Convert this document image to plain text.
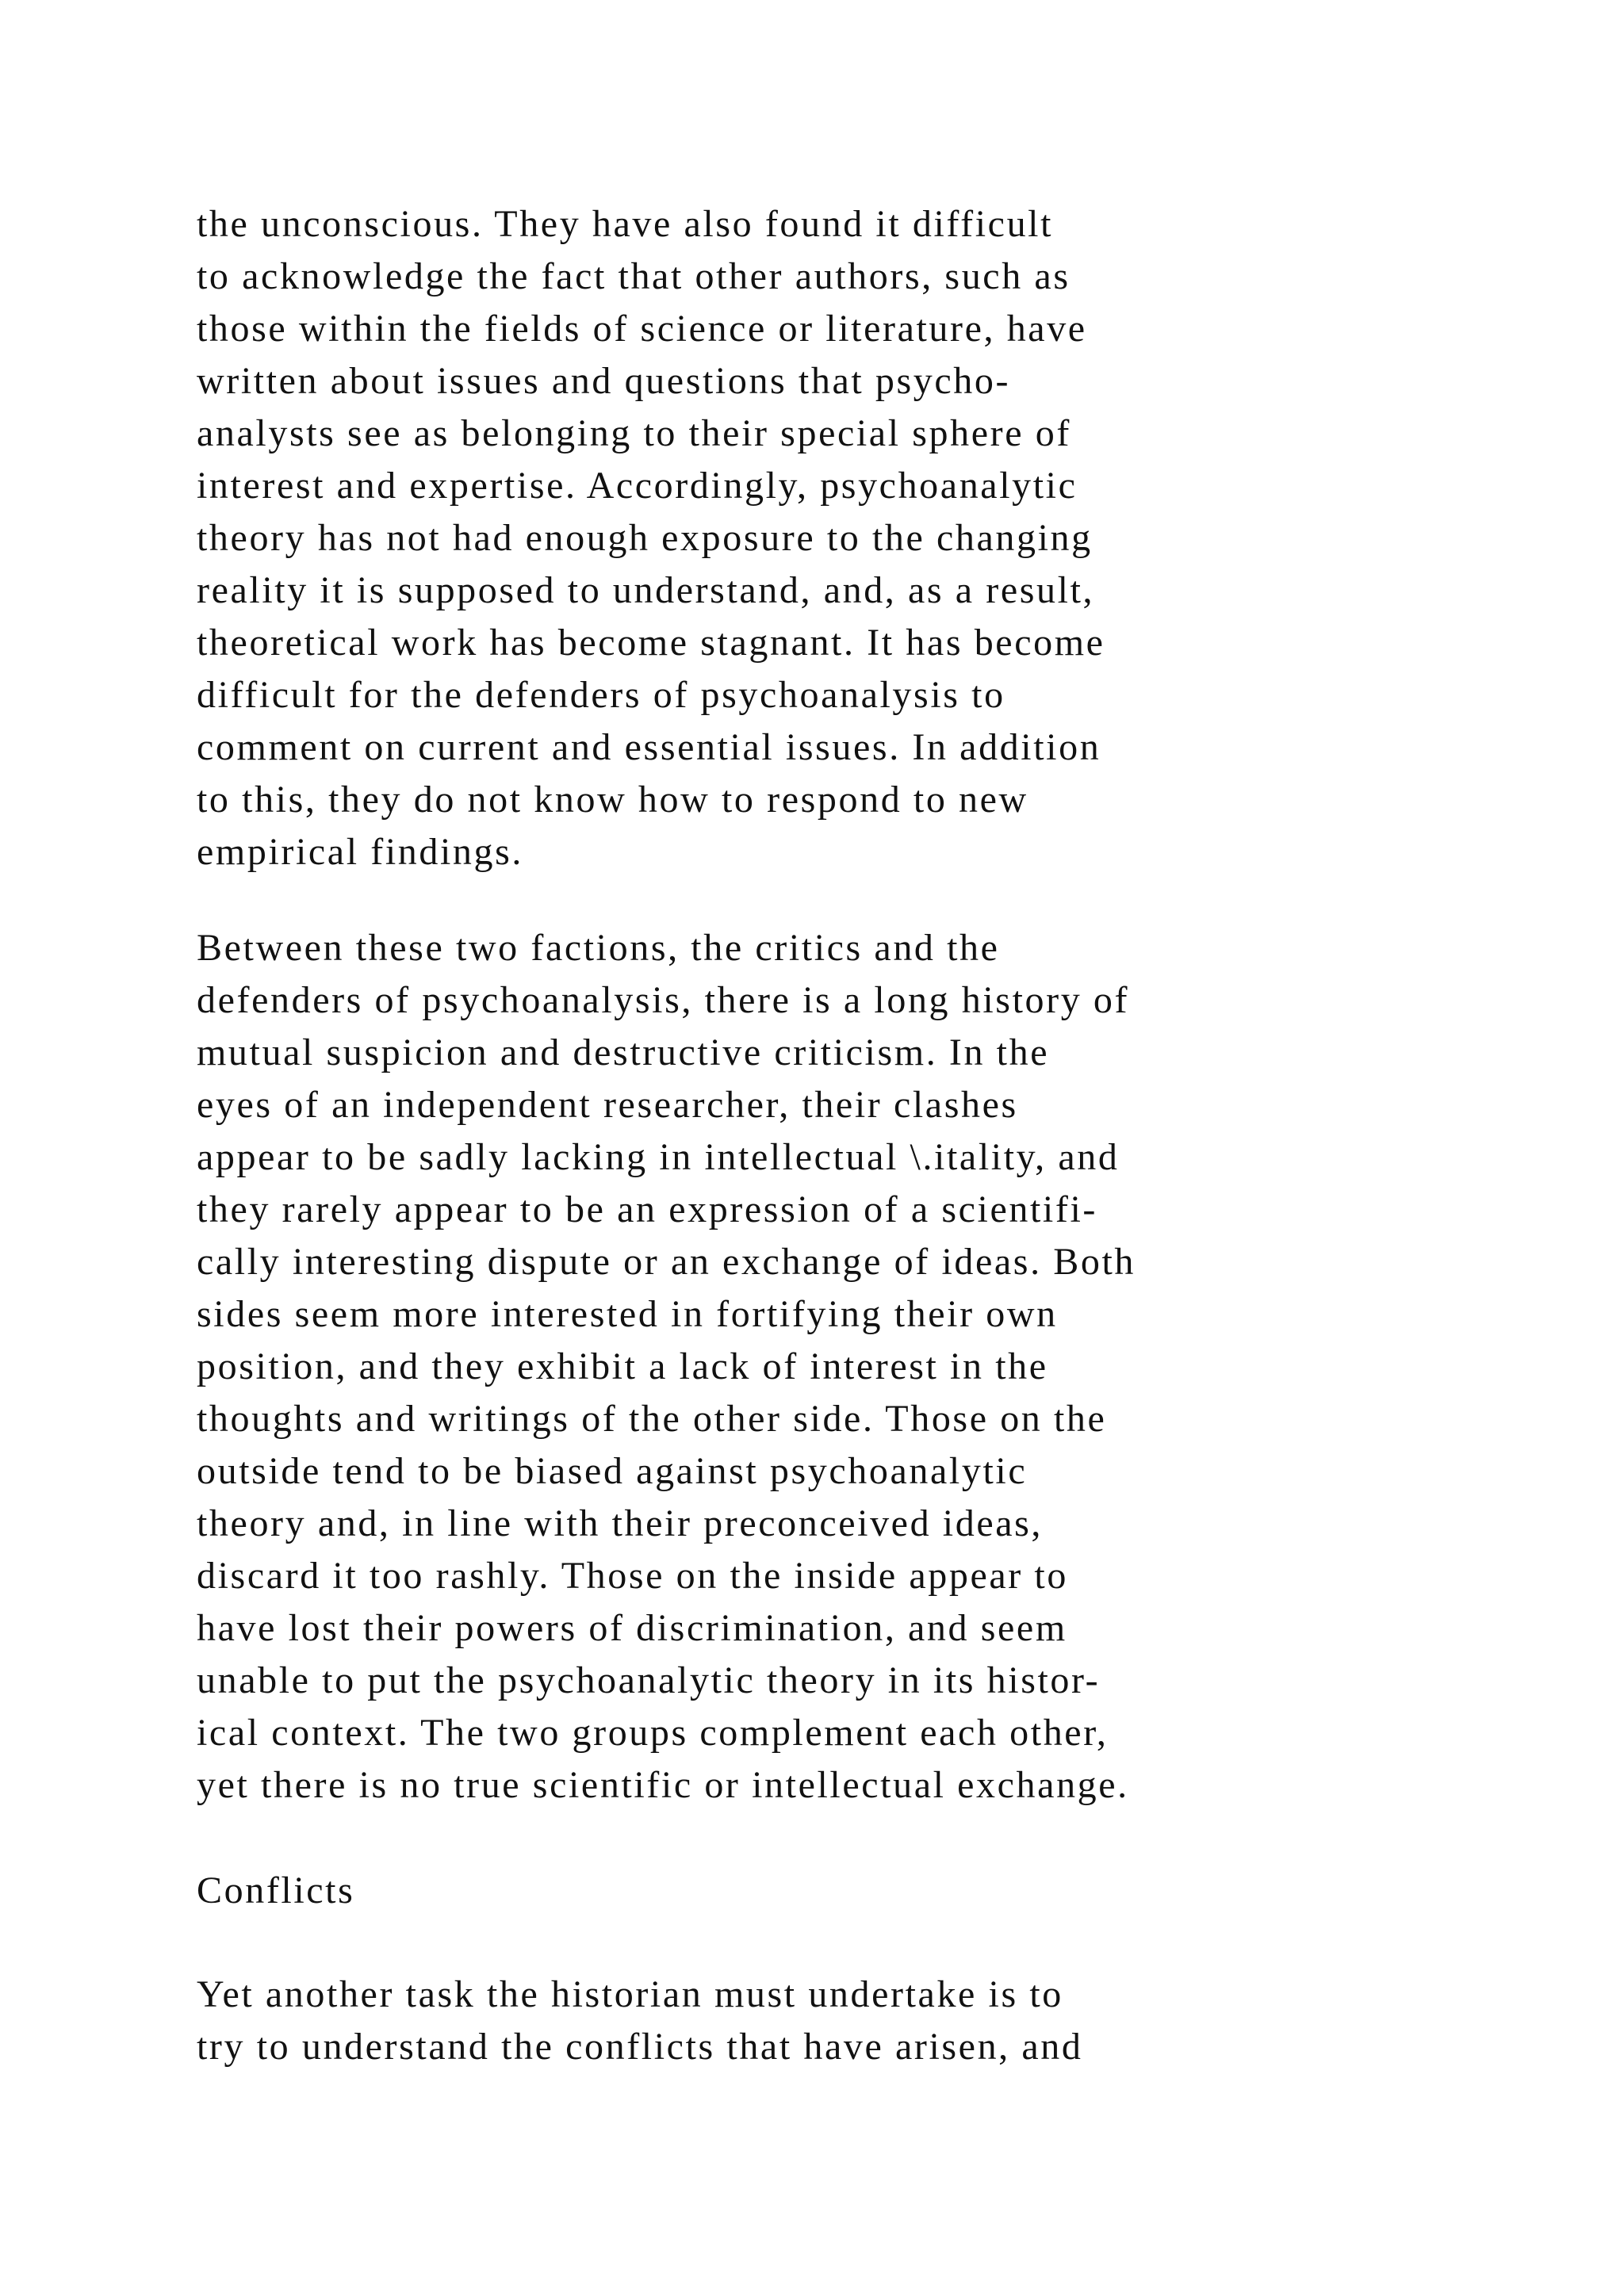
the unconscious. They have also found it difficult
to acknowledge the fact that other authors, such as
those within the fields of science or literature, have
written about issues and questions that psycho-
analysts see as belonging to their special sphere of
interest and expertise. Accordingly, psychoanalytic
theory has not had enough exposure to the changing
reality it is supposed to understand, and, as a result,
theoretical work has become stagnant. It has become
difficult for the defenders of psychoanalysis to
comment on current and essential issues. In addition
to this, they do not know how to respond to new
empirical findings.
Between these two factions, the critics and the
defenders of psychoanalysis, there is a long history of
mutual suspicion and destructive criticism. In the
eyes of an independent researcher, their clashes
appear to be sadly lacking in intellectual \.itality, and
they rarely appear to be an expression of a scientifi-
cally interesting dispute or an exchange of ideas. Both
sides seem more interested in fortifying their own
position, and they exhibit a lack of interest in the
thoughts and writings of the other side. Those on the
outside tend to be biased against psychoanalytic
theory and, in line with their preconceived ideas,
discard it too rashly. Those on the inside appear to
have lost their powers of discrimination, and seem
unable to put the psychoanalytic theory in its histor-
ical context. The two groups complement each other,
yet there is no true scientific or intellectual exchange.
Conflicts
Yet another task the historian must undertake is to
try to understand the conflicts that have arisen, and
